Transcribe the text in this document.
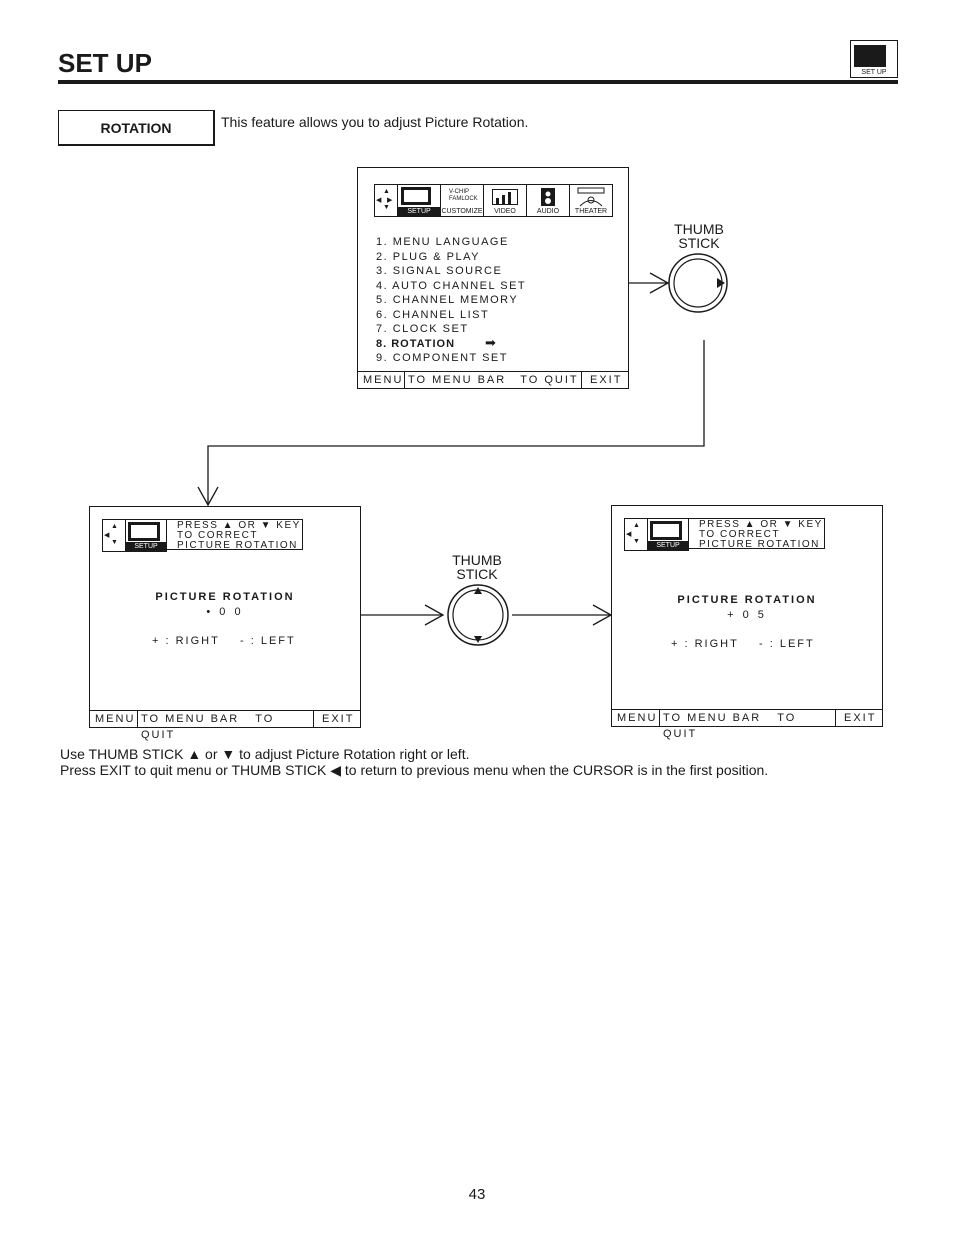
SET UP	SET UP
ROTATION	This feature allows you to adjust Picture Rotation.
THUMB
STICK
THUMB
STICK
▲
◀ ▶
▼
SETUP
V-CHIP
FAMLOCK
CUSTOMIZE	VIDEO	AUDIO	THEATER
1. MENU LANGUAGE
2. PLUG & PLAY
3. SIGNAL SOURCE
4. AUTO CHANNEL SET
5. CHANNEL MEMORY
6. CHANNEL LIST
7. CLOCK SET
8. ROTATION ➡
9. COMPONENT SET
MENU TO MENU BAR TO QUIT	EXIT
▲
◀
▼
SETUP
PRESS ▲ OR ▼ KEY
TO CORRECT
PICTURE ROTATION
PICTURE ROTATION
• 0 0
+ : RIGHT - : LEFT
MENU TO MENU BAR TO QUIT
EXIT
▲
◀
▼
SETUP
PRESS ▲ OR ▼ KEY
TO CORRECT
PICTURE ROTATION
PICTURE ROTATION
+ 0 5
+ : RIGHT - : LEFT
MENU TO MENU BAR TO QUIT
EXIT
Use THUMB STICK ▲ or ▼ to adjust Picture Rotation right or left.
Press EXIT to quit menu or THUMB STICK ◀ to return to previous menu when the CURSOR is in the first position.
43
